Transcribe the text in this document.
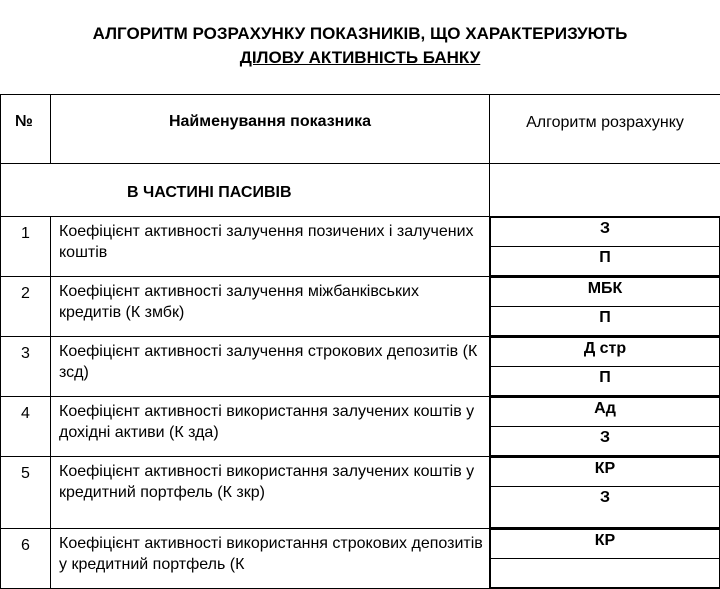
АЛГОРИТМ РОЗРАХУНКУ ПОКАЗНИКІВ, ЩО ХАРАКТЕРИЗУЮТЬ
ДІЛОВУ АКТИВНІСТЬ БАНКУ
№	Найменування показника	Алгоритм розрахунку
В ЧАСТИНІ ПАСИВІВ	
1	Коефіцієнт активності залучення позичених і залучених коштів	
З
П

2	Коефіцієнт активності залучення міжбанківських кредитів (К змбк)	
МБК
П

3	Коефіцієнт активності залучення строкових депозитів (К зсд)	
Д стр
П

4	Коефіцієнт активності використання залучених коштів у дохідні активи (К зда)	
Ад
З

5	Коефіцієнт активності використання залучених коштів у кредитний портфель (К зкр)	
КР
З

6	Коефіцієнт активності використання строкових депозитів у кредитний портфель (К	
КР
